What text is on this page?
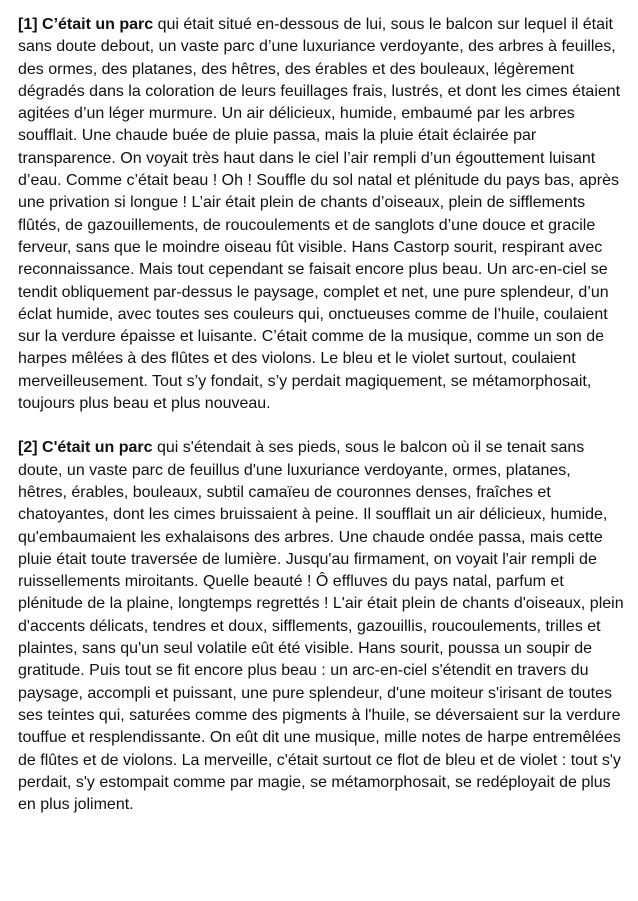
[1] C’était un parc qui était situé en-dessous de lui, sous le balcon sur lequel il était sans doute debout, un vaste parc d’une luxuriance verdoyante, des arbres à feuilles, des ormes, des platanes, des hêtres, des érables et des bouleaux, légèrement dégradés dans la coloration de leurs feuillages frais, lustrés, et dont les cimes étaient agitées d’un léger murmure. Un air délicieux, humide, embaumé par les arbres soufflait. Une chaude buée de pluie passa, mais la pluie était éclairée par transparence. On voyait très haut dans le ciel l’air rempli d’un égouttement luisant d’eau. Comme c’était beau ! Oh ! Souffle du sol natal et plénitude du pays bas, après une privation si longue ! L’air était plein de chants d’oiseaux, plein de sifflements flûtés, de gazouillements, de roucoulements et de sanglots d’une douce et gracile ferveur, sans que le moindre oiseau fût visible. Hans Castorp sourit, respirant avec reconnaissance. Mais tout cependant se faisait encore plus beau. Un arc-en-ciel se tendit obliquement par-dessus le paysage, complet et net, une pure splendeur, d’un éclat humide, avec toutes ses couleurs qui, onctueuses comme de l’huile, coulaient sur la verdure épaisse et luisante. C’était comme de la musique, comme un son de harpes mêlées à des flûtes et des violons. Le bleu et le violet surtout, coulaient merveilleusement. Tout s’y fondait, s’y perdait magiquement, se métamorphosait, toujours plus beau et plus nouveau.

[2] C'était un parc qui s'étendait à ses pieds, sous le balcon où il se tenait sans doute, un vaste parc de feuillus d'une luxuriance verdoyante, ormes, platanes, hêtres, érables, bouleaux, subtil camaïeu de couronnes denses, fraîches et chatoyantes, dont les cimes bruissaient à peine. Il soufflait un air délicieux, humide, qu'embaumaient les exhalaisons des arbres. Une chaude ondée passa, mais cette pluie était toute traversée de lumière. Jusqu'au firmament, on voyait l'air rempli de ruissellements miroitants. Quelle beauté ! Ô effluves du pays natal, parfum et plénitude de la plaine, longtemps regrettés ! L'air était plein de chants d'oiseaux, plein d'accents délicats, tendres et doux, sifflements, gazouillis, roucoulements, trilles et plaintes, sans qu'un seul volatile eût été visible. Hans sourit, poussa un soupir de gratitude. Puis tout se fit encore plus beau : un arc-en-ciel s'étendit en travers du paysage, accompli et puissant, une pure splendeur, d'une moiteur s'irisant de toutes ses teintes qui, saturées comme des pigments à l'huile, se déversaient sur la verdure touffue et resplendissante. On eût dit une musique, mille notes de harpe entremêlées de flûtes et de violons. La merveille, c'était surtout ce flot de bleu et de violet : tout s'y perdait, s'y estompait comme par magie, se métamorphosait, se redéployait de plus en plus joliment.
